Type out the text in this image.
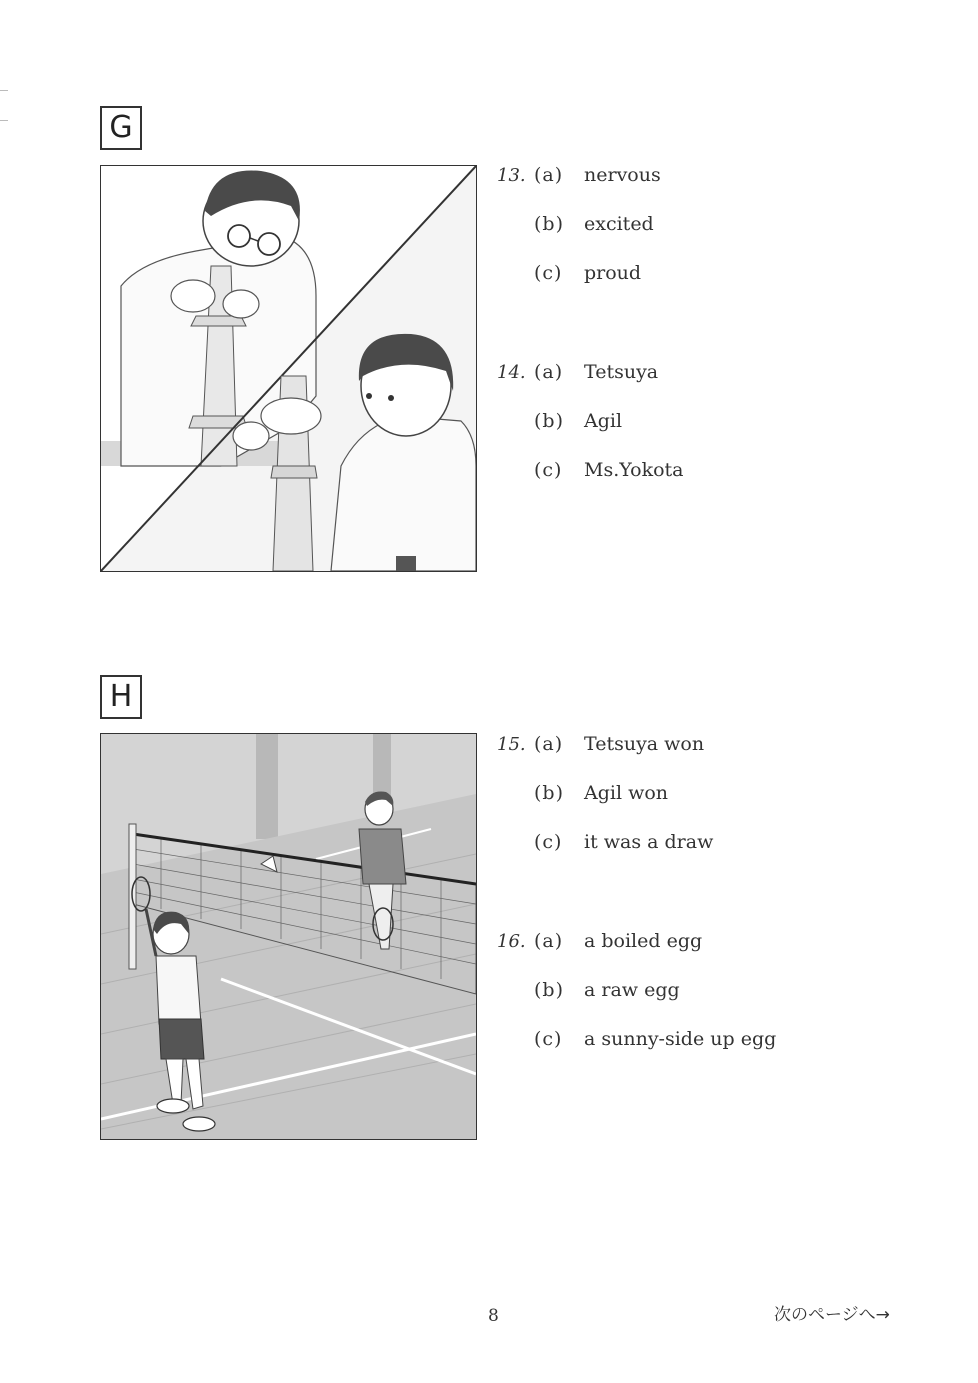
G
13. (a) nervous
(b) excited
(c) proud
14. (a) Tetsuya
(b) Agil
(c) Ms.Yokota
H
15. (a) Tetsuya won
(b) Agil won
(c) it was a draw
16. (a) a boiled egg
(b) a raw egg
(c) a sunny-side up egg
8	次のページへ→
